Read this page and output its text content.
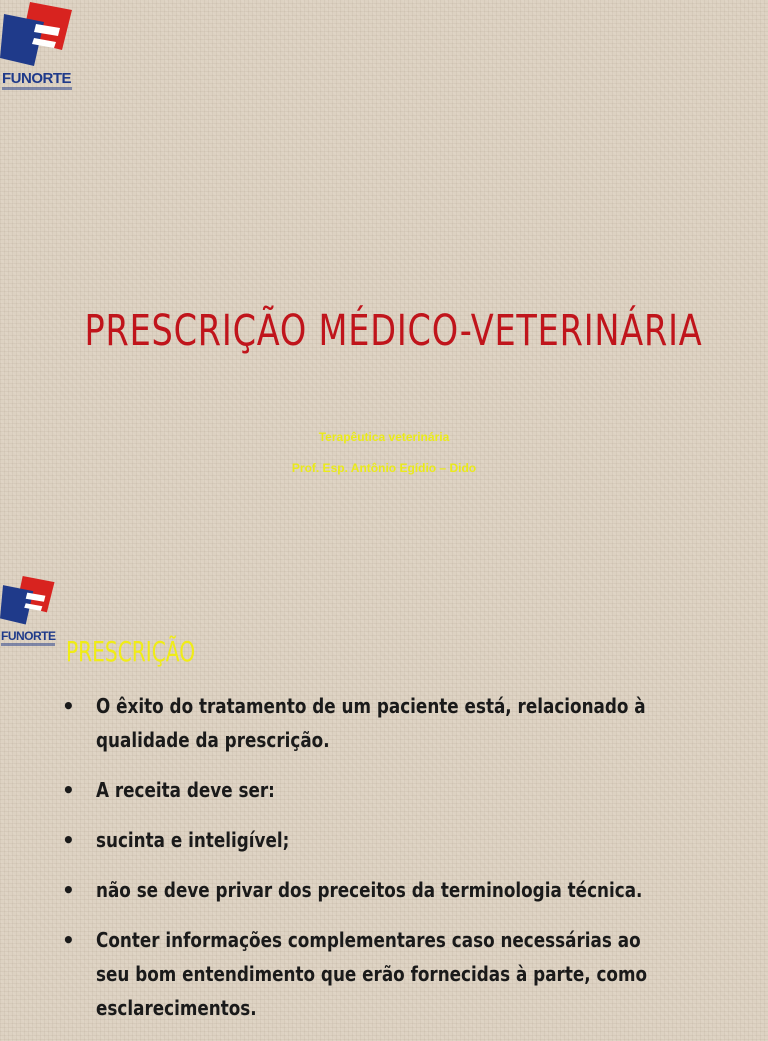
FUNORTE
PRESCRIÇÃO MÉDICO-VETERINÁRIA
Terapêutica veterinária
Prof. Esp. Antônio Egídio – Dido
FUNORTE PRESCRIÇÃO
• O êxito do tratamento de um paciente está, relacionado à
qualidade da prescrição.
• A receita deve ser:
• sucinta e inteligível;
• não se deve privar dos preceitos da terminologia técnica.
• Conter informações complementares caso necessárias ao
seu bom entendimento que erão fornecidas à parte, como
esclarecimentos.
